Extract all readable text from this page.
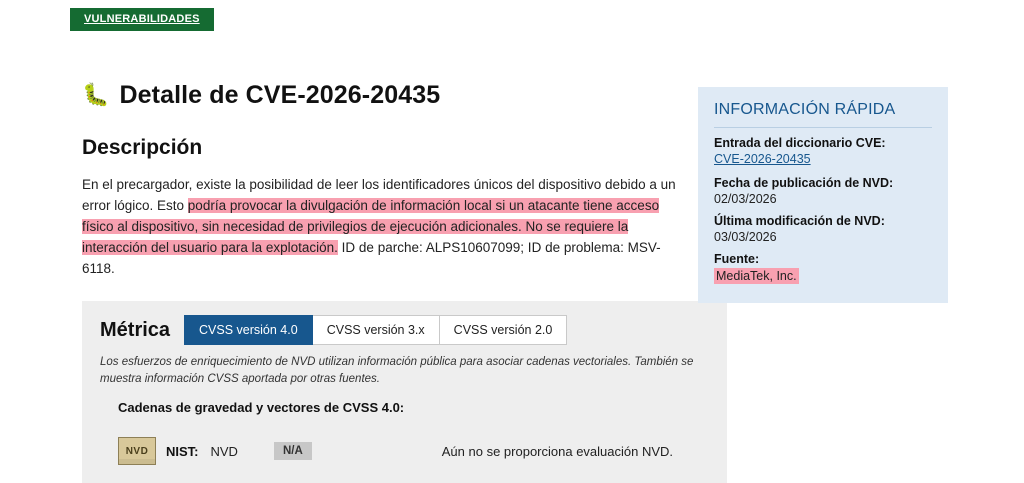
VULNERABILIDADES
🐛 Detalle de CVE-2026-20435
Descripción

En el precargador, existe la posibilidad de leer los identificadores únicos del dispositivo debido a un error lógico. Esto podría provocar la divulgación de información local si un atacante tiene acceso físico al dispositivo, sin necesidad de privilegios de ejecución adicionales. No se requiere la interacción del usuario para la explotación. ID de parche: ALPS10607099; ID de problema: MSV-6118.

Métrica	CVSS versión 4.0	CVSS versión 3.x	CVSS versión 2.0

Los esfuerzos de enriquecimiento de NVD utilizan información pública para asociar cadenas vectoriales. También se muestra información CVSS aportada por otras fuentes.

Cadenas de gravedad y vectores de CVSS 4.0:
NVD	NIST: NVD	N/A	Aún no se proporciona evaluación NVD.
INFORMACIÓN RÁPIDA
Entrada del diccionario CVE:
CVE-2026-20435
Fecha de publicación de NVD:
02/03/2026
Última modificación de NVD:
03/03/2026
Fuente:
MediaTek, Inc.
